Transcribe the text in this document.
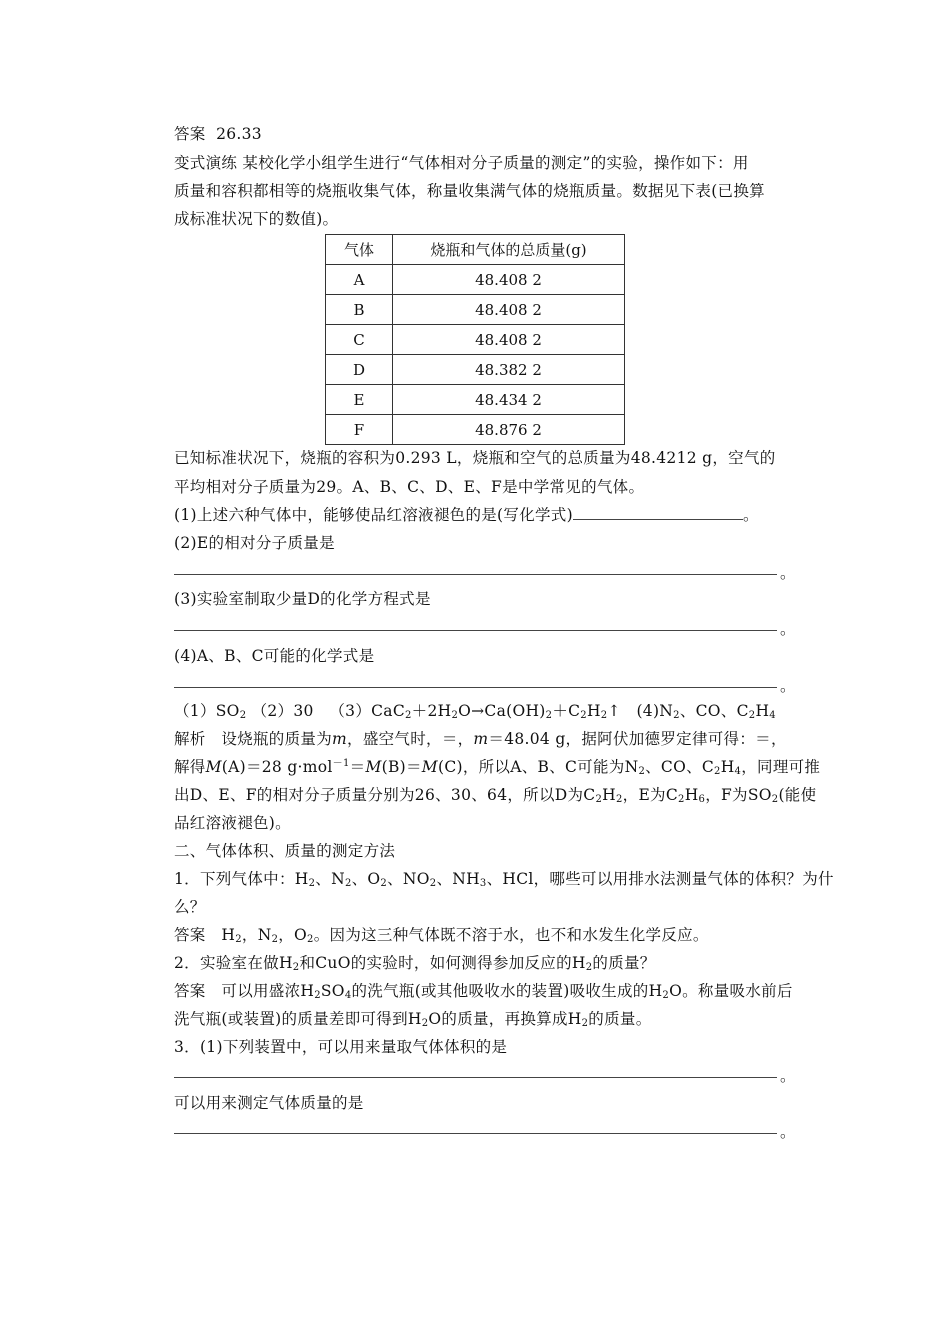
答案 26.33
变式演练 某校化学小组学生进行“气体相对分子质量的测定”的实验，操作如下：用
质量和容积都相等的烧瓶收集气体，称量收集满气体的烧瓶质量。数据见下表(已换算
成标准状况下的数值)。
气体	烧瓶和气体的总质量(g)
A	48.408 2
B	48.408 2
C	48.408 2
D	48.382 2
E	48.434 2
F	48.876 2
已知标准状况下，烧瓶的容积为0.293 L，烧瓶和空气的总质量为48.4212 g，空气的
平均相对分子质量为29。A、B、C、D、E、F是中学常见的气体。
(1)上述六种气体中，能够使品红溶液褪色的是(写化学式)	。
(2)E的相对分子质量是
。
(3)实验室制取少量D的化学方程式是
。
(4)A、B、C可能的化学式是
。
$(1)SO_2$ （2）30 $(3)CaC_2+2H_2O\to Ca(OH)_2+C_2H_2↑$ $(4)N_2$、CO、$C_2H_4$
解析　设烧瓶的质量为m，盛空气时，＝，m＝48.04 g，据阿伏加德罗定律可得：＝，
解得M(A)＝28 g·mol$^{-1}$＝M(B)＝M(C)，所以A、B、C可能为$N_2$、CO、$C_2H_4$，同理可推
出D、E、F的相对分子质量分别为26、30、64，所以D为$C_2H_2$，E为$C_2H_6$，F为$SO_2$(能使
品红溶液褪色)。
二、气体体积、质量的测定方法
1．下列气体中：$H_2$、$N_2$、$O_2$、$NO_2$、$NH_3$、HCl，哪些可以用排水法测量气体的体积？为什
么？
答案　$H_2$，$N_2$，$O_2$。因为这三种气体既不溶于水，也不和水发生化学反应。
2．实验室在做$H_2$和CuO的实验时，如何测得参加反应的$H_2$的质量？
答案　可以用盛浓$H_2SO_4$的洗气瓶(或其他吸收水的装置)吸收生成的$H_2O$。称量吸水前后
洗气瓶(或装置)的质量差即可得到$H_2O$的质量，再换算成$H_2$的质量。
3．(1)下列装置中，可以用来量取气体体积的是
。
可以用来测定气体质量的是
。
